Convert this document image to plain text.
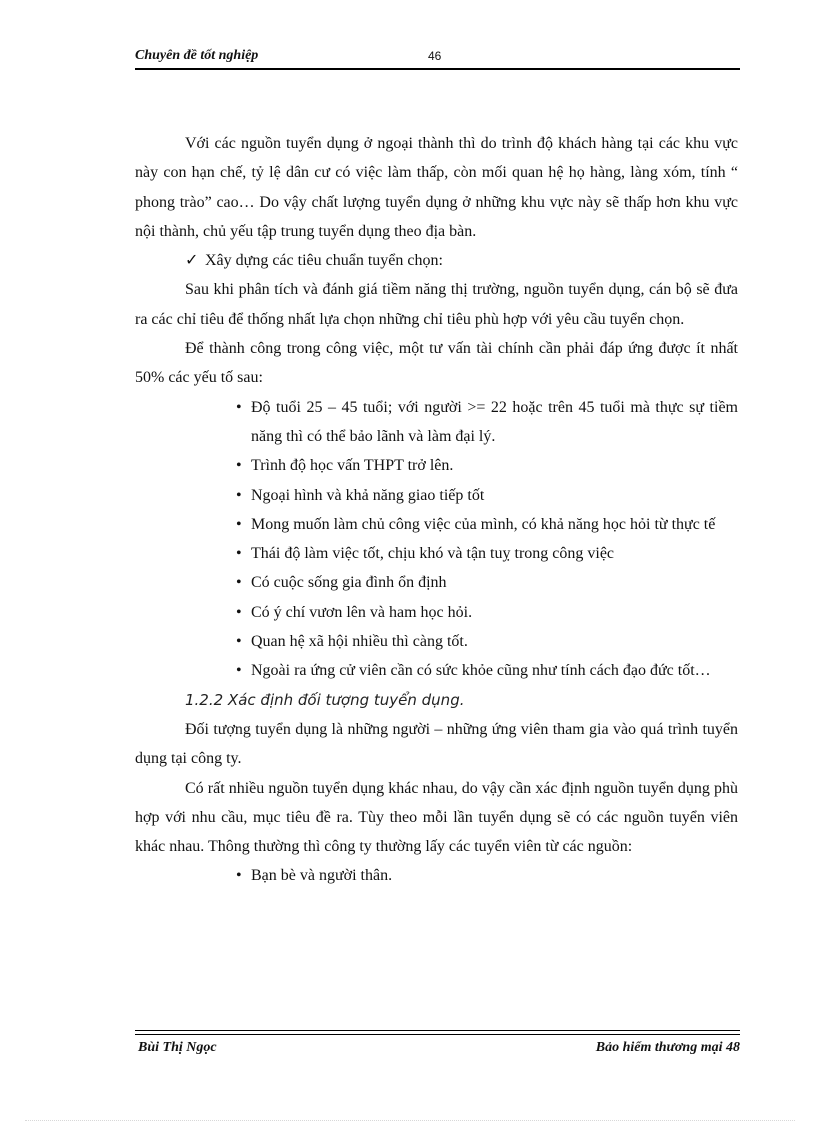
Chuyên đề tốt nghiệp	46

Với các nguồn tuyển dụng ở ngoại thành thì do trình độ khách hàng tại các khu vực này con hạn chế, tỷ lệ dân cư có việc làm thấp, còn mối quan hệ họ hàng, làng xóm, tính “ phong trào” cao… Do vậy chất lượng tuyển dụng ở những khu vực này sẽ thấp hơn khu vực nội thành, chủ yếu tập trung tuyển dụng theo địa bàn.

✓ Xây dựng các tiêu chuẩn tuyển chọn:

Sau khi phân tích và đánh giá tiềm năng thị trường, nguồn tuyển dụng, cán bộ sẽ đưa ra các chỉ tiêu để thống nhất lựa chọn những chỉ tiêu phù hợp với yêu cầu tuyển chọn.

Để thành công trong công việc, một tư vấn tài chính cần phải đáp ứng được ít nhất 50% các yếu tố sau:

• Độ tuổi 25 – 45 tuổi; với người >= 22 hoặc trên 45 tuổi mà thực sự tiềm năng thì có thể bảo lãnh và làm đại lý.
• Trình độ học vấn THPT trở lên.
• Ngoại hình và khả năng giao tiếp tốt
• Mong muốn làm chủ công việc của mình, có khả năng học hỏi từ thực tế
• Thái độ làm việc tốt, chịu khó và tận tuỵ trong công việc
• Có cuộc sống gia đình ổn định
• Có ý chí vươn lên và ham học hỏi.
• Quan hệ xã hội nhiều thì càng tốt.
• Ngoài ra ứng cử viên cần có sức khỏe cũng như tính cách đạo đức tốt…

1.2.2 Xác định đối tượng tuyển dụng.

Đối tượng tuyển dụng là những người – những ứng viên tham gia vào quá trình tuyển dụng tại công ty.

Có rất nhiều nguồn tuyển dụng khác nhau, do vậy cần xác định nguồn tuyển dụng phù hợp với nhu cầu, mục tiêu đề ra. Tùy theo mỗi lần tuyển dụng sẽ có các nguồn tuyển viên khác nhau. Thông thường thì công ty thường lấy các tuyển viên từ các nguồn:

• Bạn bè và người thân.
Bùi Thị Ngọc	Bảo hiểm thương mại 48
